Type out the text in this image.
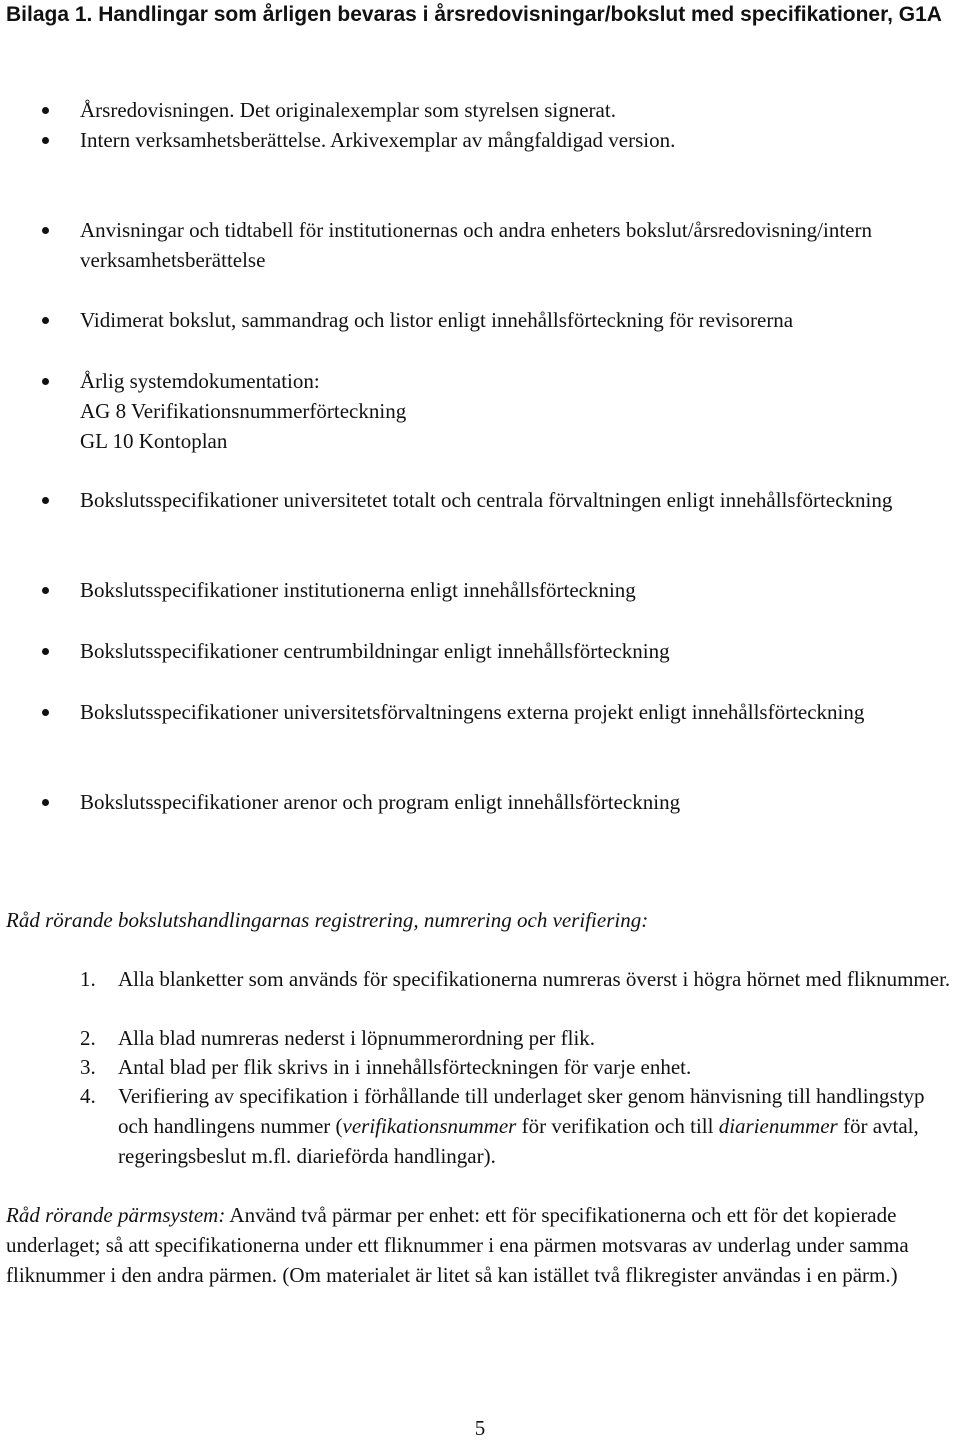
Bilaga 1. Handlingar som årligen bevaras i årsredovisningar/bokslut med specifikationer, G1A
Årsredovisningen. Det originalexemplar som styrelsen signerat.
Intern verksamhetsberättelse. Arkivexemplar av mångfaldigad version.
Anvisningar och tidtabell för institutionernas och andra enheters bokslut/årsredovisning/intern verksamhetsberättelse
Vidimerat bokslut, sammandrag och listor enligt innehållsförteckning för revisorerna
Årlig systemdokumentation:
AG 8 Verifikationsnummerförteckning
GL 10 Kontoplan
Bokslutsspecifikationer universitetet totalt och centrala förvaltningen enligt innehållsförteckning
Bokslutsspecifikationer institutionerna enligt innehållsförteckning
Bokslutsspecifikationer centrumbildningar enligt innehållsförteckning
Bokslutsspecifikationer universitetsförvaltningens externa projekt enligt innehållsförteckning
Bokslutsspecifikationer arenor och program enligt innehållsförteckning
Råd rörande bokslutshandlingarnas registrering, numrering och verifiering:
1.	Alla blanketter som används för specifikationerna numreras överst i högra hörnet med fliknummer.
2.	Alla blad numreras nederst i löpnummerordning per flik.
3.	Antal blad per flik skrivs in i innehållsförteckningen för varje enhet.
4.	Verifiering av specifikation i förhållande till underlaget sker genom hänvisning till handlingstyp och handlingens nummer (verifikationsnummer för verifikation och till diarienummer för avtal, regeringsbeslut m.fl. diarieförda handlingar).
Råd rörande pärmsystem: Använd två pärmar per enhet: ett för specifikationerna och ett för det kopierade underlaget; så att specifikationerna under ett fliknummer i ena pärmen motsvaras av underlag under samma fliknummer i den andra pärmen. (Om materialet är litet så kan istället två flikregister användas i en pärm.)
5
